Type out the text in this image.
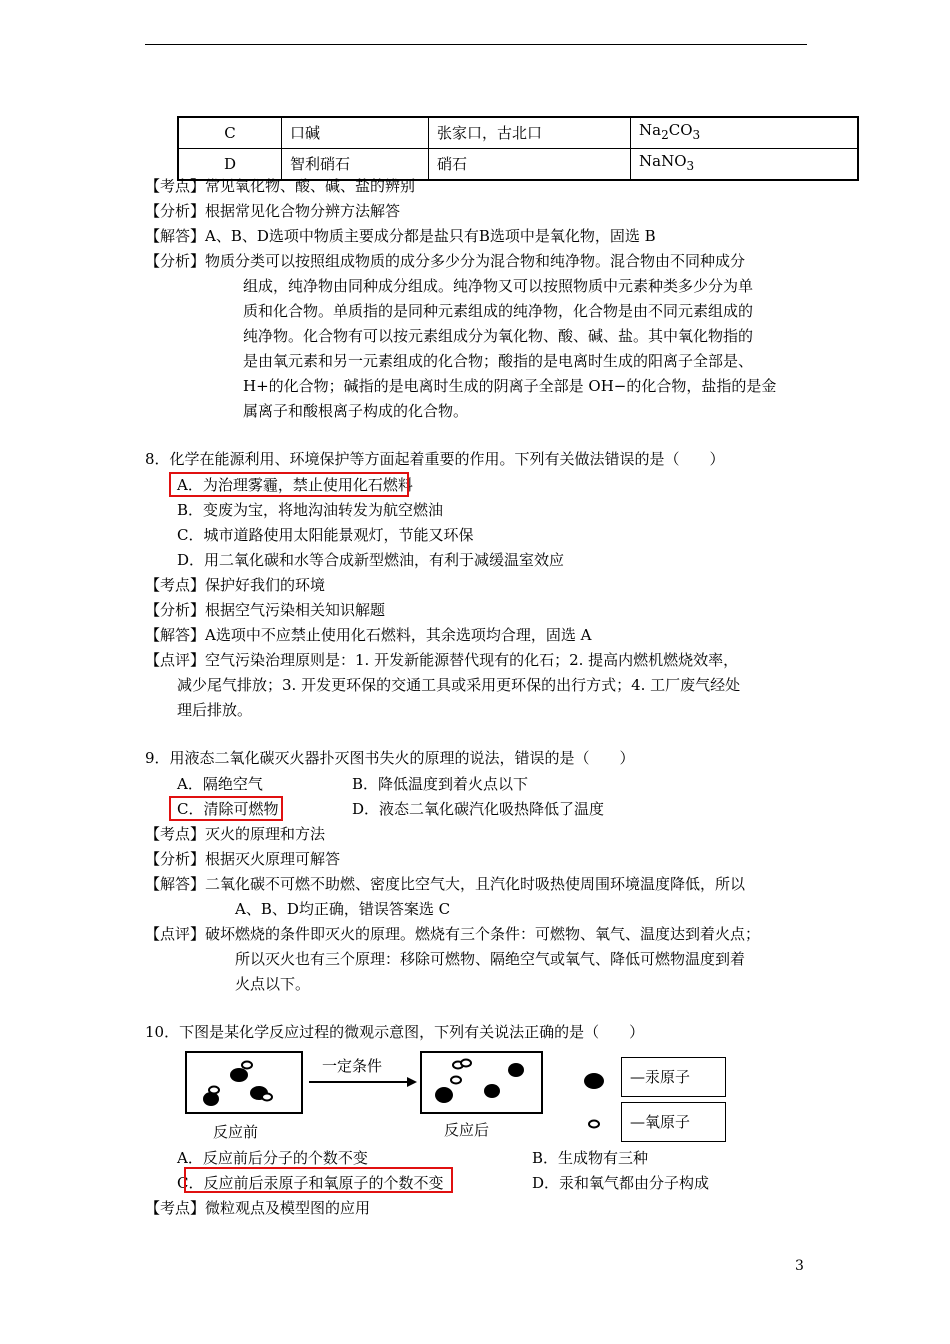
C	口碱	张家口，古北口	$Na_2CO_3$
D	智利硝石	硝石	NaNO$_3$
【考点】常见氧化物、酸、碱、盐的辨别
【分析】根据常见化合物分辨方法解答
【解答】A、B、D选项中物质主要成分都是盐只有B选项中是氧化物，固选 B
【分析】物质分类可以按照组成物质的成分多少分为混合物和纯净物。混合物由不同种成分
组成，纯净物由同种成分组成。纯净物又可以按照物质中元素种类多少分为单
质和化合物。单质指的是同种元素组成的纯净物，化合物是由不同元素组成的
纯净物。化合物有可以按元素组成分为氧化物、酸、碱、盐。其中氧化物指的
是由氧元素和另一元素组成的化合物；酸指的是电离时生成的阳离子全部是、
H+的化合物；碱指的是电离时生成的阴离子全部是 OH−的化合物，盐指的是金
属离子和酸根离子构成的化合物。
8．化学在能源利用、环境保护等方面起着重要的作用。下列有关做法错误的是（　　）
A．为治理雾霾，禁止使用化石燃料
B．变废为宝，将地沟油转发为航空燃油
C．城市道路使用太阳能景观灯，节能又环保
D．用二氧化碳和水等合成新型燃油，有利于减缓温室效应
【考点】保护好我们的环境
【分析】根据空气污染相关知识解题
【解答】A选项中不应禁止使用化石燃料，其余选项均合理，固选 A
【点评】空气污染治理原则是：1. 开发新能源替代现有的化石；2. 提高内燃机燃烧效率，
减少尾气排放；3. 开发更环保的交通工具或采用更环保的出行方式；4. 工厂废气经处
理后排放。
9．用液态二氧化碳灭火器扑灭图书失火的原理的说法，错误的是（　　）
A．隔绝空气	B．降低温度到着火点以下
C．清除可燃物	D．液态二氧化碳汽化吸热降低了温度
【考点】灭火的原理和方法
【分析】根据灭火原理可解答
【解答】二氧化碳不可燃不助燃、密度比空气大，且汽化时吸热使周围环境温度降低，所以
A、B、D均正确，错误答案选 C
【点评】破坏燃烧的条件即灭火的原理。燃烧有三个条件：可燃物、氧气、温度达到着火点；
所以灭火也有三个原理：移除可燃物、隔绝空气或氧气、降低可燃物温度到着
火点以下。
10．下图是某化学反应过程的微观示意图，下列有关说法正确的是（　　）
反应前
一定条件
反应后
—汞原子
—氧原子
A．反应前后分子的个数不变	B．生成物有三种
C．反应前后汞原子和氧原子的个数不变	D．汞和氧气都由分子构成
【考点】微粒观点及模型图的应用
3
